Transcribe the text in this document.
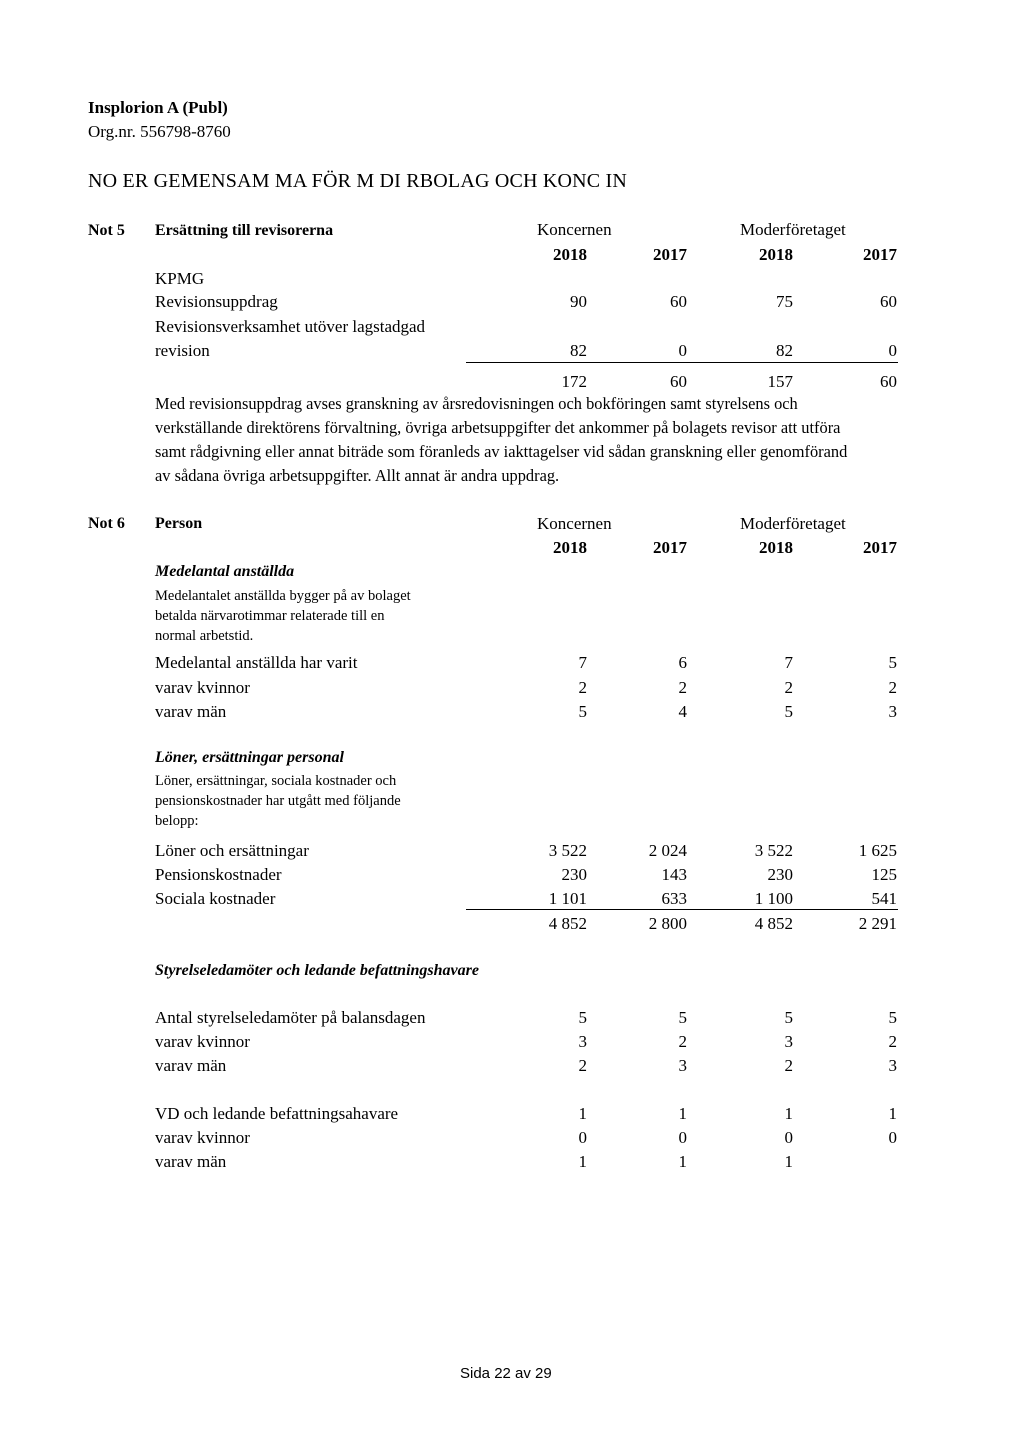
Insplorion A (Publ)
Org.nr. 556798-8760
NO ER GEMENSAM MA FÖR M DI RBOLAG OCH KONC IN
Not 5 Ersättning till revisorerna	Koncernen	Moderföretaget
2018	2017	2018	2017
KPMG
Revisionsuppdrag	90	60	75	60
Revisionsverksamhet utöver lagstadgad
revision	82	0	82	0
172	60	157	60

Med revisionsuppdrag avses granskning av årsredovisningen och bokföringen samt styrelsens och

verkställande direktörens förvaltning, övriga arbetsuppgifter det ankommer på bolagets revisor att utföra

samt rådgivning eller annat biträde som föranleds av iakttagelser vid sådan granskning eller genomförand

av sådana övriga arbetsuppgifter. Allt annat är andra uppdrag.

Not 6 Person	Koncernen	Moderföretaget
2018	2017	2018	2017
Medelantal anställda

Medelantalet anställda bygger på av bolaget

betalda närvarotimmar relaterade till en

normal arbetstid.

Medelantal anställda har varit	7	6	7	5
varav kvinnor	2	2	2	2
varav män	5	4	5	3
Löner, ersättningar personal

Löner, ersättningar, sociala kostnader och

pensionskostnader har utgått med följande

belopp:

Löner och ersättningar	3 522	2 024	3 522	1 625
Pensionskostnader	230	143	230	125
Sociala kostnader	1 101	633	1 100	541
4 852	2 800	4 852	2 291
Styrelseledamöter och ledande befattningshavare
Antal styrelseledamöter på balansdagen	5	5	5	5
varav kvinnor	3	2	3	2
varav män	2	3	2	3
VD och ledande befattningsahavare	1	1	1	1
varav kvinnor	0	0	0	0
varav män	1	1	1
Sida 22 av 29
